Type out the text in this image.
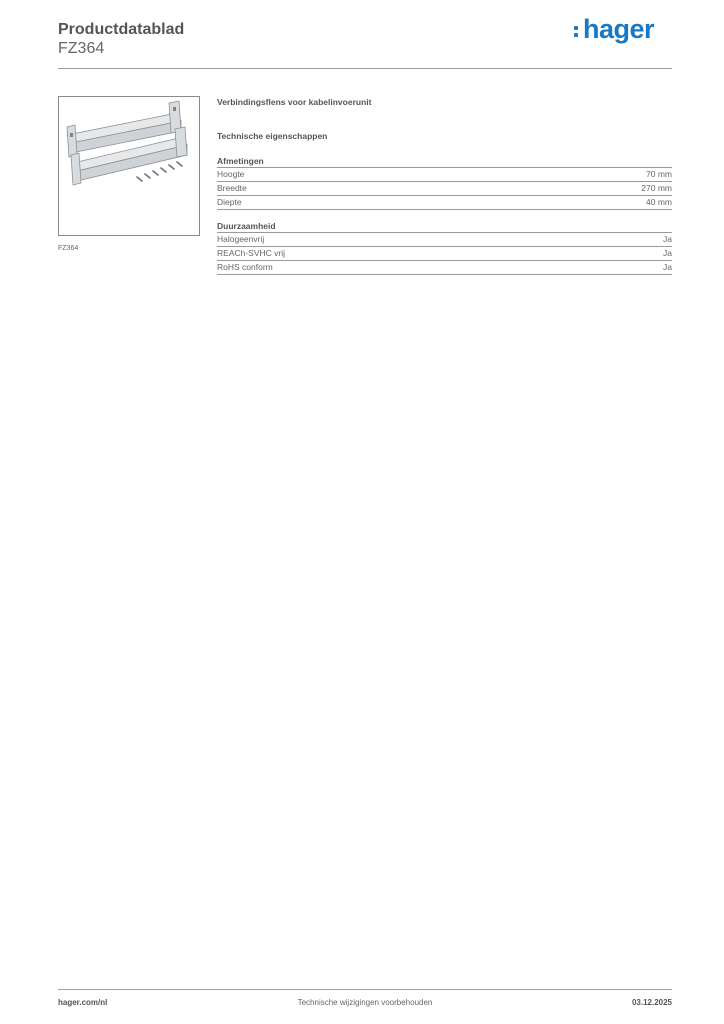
Productdatablad

FZ364

hager
FZ364

Verbindingsflens voor kabelinvoerunit

Technische eigenschappen

Afmetingen
Hoogte	70 mm
Breedte	270 mm
Diepte	40 mm
Duurzaamheid
Halogeenvrij	Ja
REACh-SVHC vrij	Ja
RoHS conform	Ja
hager.com/nl	Technische wijzigingen voorbehouden	03.12.2025
